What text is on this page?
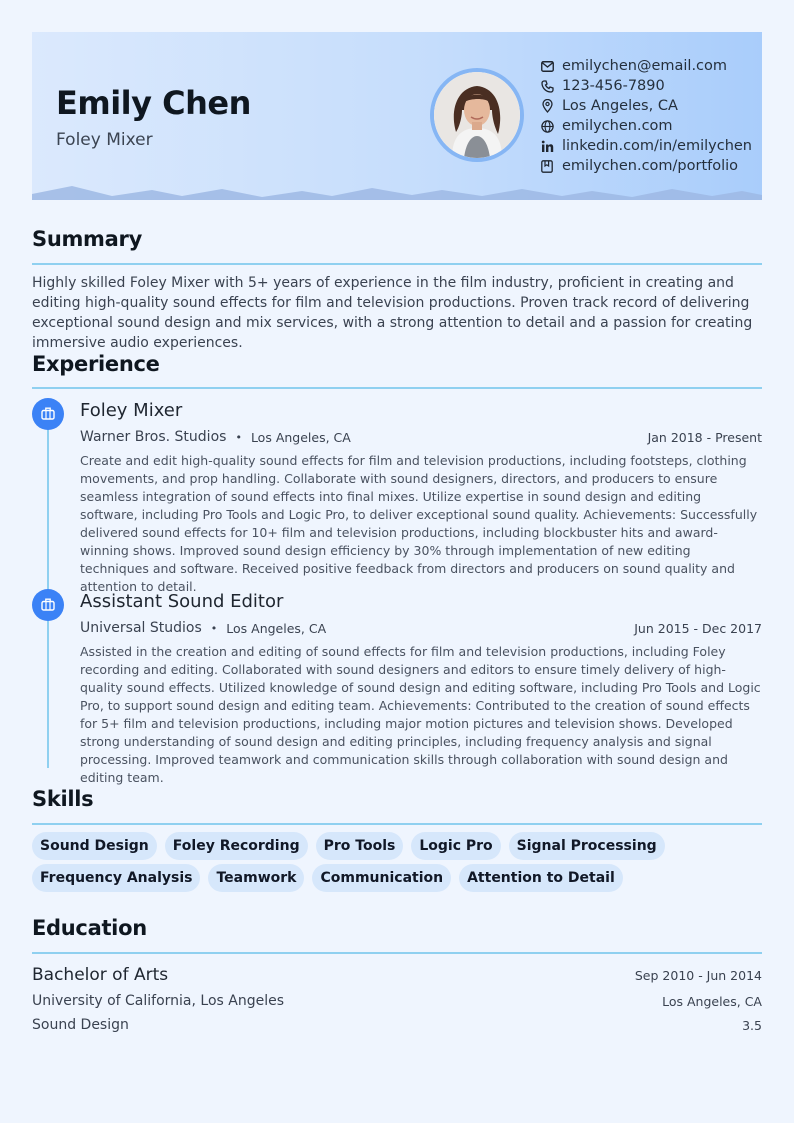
Emily Chen
Foley Mixer
emilychen@email.com
123-456-7890
Los Angeles, CA
emilychen.com
linkedin.com/in/emilychen
emilychen.com/portfolio
Summary
Highly skilled Foley Mixer with 5+ years of experience in the film industry, proficient in creating and editing high-quality sound effects for film and television productions. Proven track record of delivering exceptional sound design and mix services, with a strong attention to detail and a passion for creating immersive audio experiences.
Experience
Foley Mixer
Warner Bros. Studios • Los Angeles, CA	Jan 2018 - Present
Create and edit high-quality sound effects for film and television productions, including footsteps, clothing movements, and prop handling. Collaborate with sound designers, directors, and producers to ensure seamless integration of sound effects into final mixes. Utilize expertise in sound design and editing software, including Pro Tools and Logic Pro, to deliver exceptional sound quality. Achievements: Successfully delivered sound effects for 10+ film and television productions, including blockbuster hits and award-winning shows. Improved sound design efficiency by 30% through implementation of new editing techniques and software. Received positive feedback from directors and producers on sound quality and attention to detail.
Assistant Sound Editor
Universal Studios • Los Angeles, CA	Jun 2015 - Dec 2017
Assisted in the creation and editing of sound effects for film and television productions, including Foley recording and editing. Collaborated with sound designers and editors to ensure timely delivery of high-quality sound effects. Utilized knowledge of sound design and editing software, including Pro Tools and Logic Pro, to support sound design and editing team. Achievements: Contributed to the creation of sound effects for 5+ film and television productions, including major motion pictures and television shows. Developed strong understanding of sound design and editing principles, including frequency analysis and signal processing. Improved teamwork and communication skills through collaboration with sound design and editing team.
Skills
Sound Design	Foley Recording	Pro Tools	Logic Pro	Signal Processing
Frequency Analysis	Teamwork	Communication	Attention to Detail
Education
Bachelor of Arts	Sep 2010 - Jun 2014
University of California, Los Angeles	Los Angeles, CA
Sound Design	3.5
